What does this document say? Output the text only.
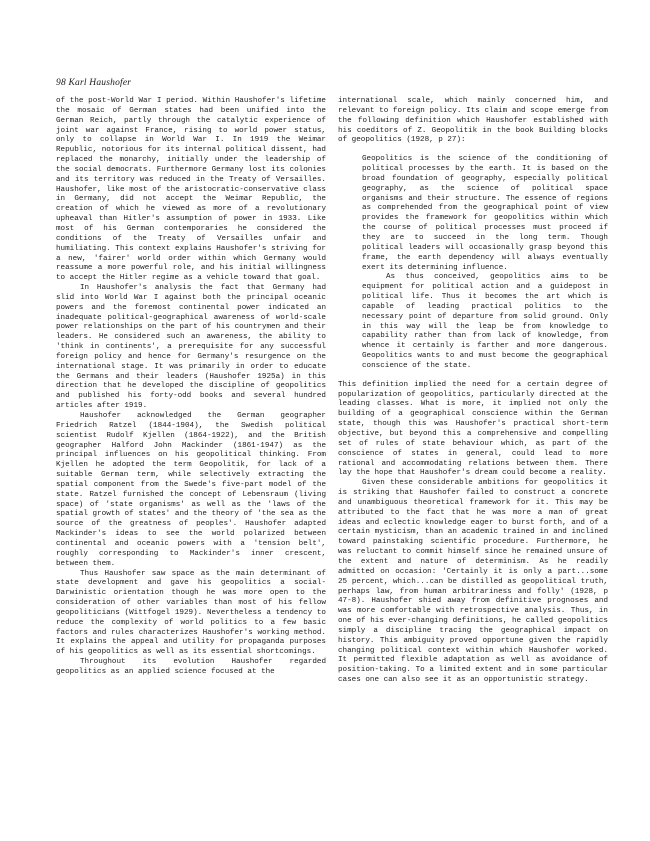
98 Karl Haushofer

of the post-World War I period. Within Haushofer's lifetime the mosaic of German states had been unified into the German Reich, partly through the catalytic experience of joint war against France, rising to world power status, only to collapse in World War I. In 1919 the Weimar Republic, notorious for its internal political dissent, had replaced the monarchy, initially under the leadership of the social democrats. Furthermore Germany lost its colonies and its territory was reduced in the Treaty of Versailles. Haushofer, like most of the aristocratic-conservative class in Germany, did not accept the Weimar Republic, the creation of which he viewed as more of a revolutionary upheaval than Hitler's assumption of power in 1933. Like most of his German contemporaries he considered the conditions of the Treaty of Versailles unfair and humiliating. This context explains Haushofer's striving for a new, 'fairer' world order within which Germany would reassume a more powerful role, and his initial willingness to accept the Hitler regime as a vehicle toward that goal.

In Haushofer's analysis the fact that Germany had slid into World War I against both the principal oceanic powers and the foremost continental power indicated an inadequate political-geographical awareness of world-scale power relationships on the part of his countrymen and their leaders. He considered such an awareness, the ability to 'think in continents', a prerequisite for any successful foreign policy and hence for Germany's resurgence on the international stage. It was primarily in order to educate the Germans and their leaders (Haushofer 1925a) in this direction that he developed the discipline of geopolitics and published his forty-odd books and several hundred articles after 1919.

Haushofer acknowledged the German geographer Friedrich Ratzel (1844-1904), the Swedish political scientist Rudolf Kjellen (1864-1922), and the British geographer Halford John Mackinder (1861-1947) as the principal influences on his geopolitical thinking. From Kjellen he adopted the term Geopolitik, for lack of a suitable German term, while selectively extracting the spatial component from the Swede's five-part model of the state. Ratzel furnished the concept of Lebensraum (living space) of 'state organisms' as well as the 'laws of the spatial growth of states' and the theory of 'the sea as the source of the greatness of peoples'. Haushofer adapted Mackinder's ideas to see the world polarized between continental and oceanic powers with a 'tension belt', roughly corresponding to Mackinder's inner crescent, between them.

Thus Haushofer saw space as the main determinant of state development and gave his geopolitics a social-Darwinistic orientation though he was more open to the consideration of other variables than most of his fellow geopoliticians (Wittfogel 1929). Nevertheless a tendency to reduce the complexity of world politics to a few basic factors and rules characterizes Haushofer's working method. It explains the appeal and utility for propaganda purposes of his geopolitics as well as its essential shortcomings.

Throughout its evolution Haushofer regarded geopolitics as an applied science focused at the

international scale, which mainly concerned him, and relevant to foreign policy. Its claim and scope emerge from the following definition which Haushofer established with his coeditors of Z. Geopolitik in the book Building blocks of geopolitics (1928, p 27):

Geopolitics is the science of the conditioning of political processes by the earth. It is based on the broad foundation of geography, especially political geography, as the science of political space organisms and their structure. The essence of regions as comprehended from the geographical point of view provides the framework for geopolitics within which the course of political processes must proceed if they are to succeed in the long term. Though political leaders will occasionally grasp beyond this frame, the earth dependency will always eventually exert its determining influence.

As thus conceived, geopolitics aims to be equipment for political action and a guidepost in political life. Thus it becomes the art which is capable of leading practical politics to the necessary point of departure from solid ground. Only in this way will the leap be from knowledge to capability rather than from lack of knowledge, from whence it certainly is farther and more dangerous. Geopolitics wants to and must become the geographical conscience of the state.

This definition implied the need for a certain degree of popularization of geopolitics, particularly directed at the leading classes. What is more, it implied not only the building of a geographical conscience within the German state, though this was Haushofer's practical short-term objective, but beyond this a comprehensive and compelling set of rules of state behaviour which, as part of the conscience of states in general, could lead to more rational and accommodating relations between them. There lay the hope that Haushofer's dream could become a reality.

Given these considerable ambitions for geopolitics it is striking that Haushofer failed to construct a concrete and unambiguous theoretical framework for it. This may be attributed to the fact that he was more a man of great ideas and eclectic knowledge eager to burst forth, and of a certain mysticism, than an academic trained in and inclined toward painstaking scientific procedure. Furthermore, he was reluctant to commit himself since he remained unsure of the extent and nature of determinism. As he readily admitted on occasion: 'Certainly it is only a part...some 25 percent, which...can be distilled as geopolitical truth, perhaps law, from human arbitrariness and folly' (1928, p 47-8). Haushofer shied away from definitive prognoses and was more comfortable with retrospective analysis. Thus, in one of his ever-changing definitions, he called geopolitics simply a discipline tracing the geographical impact on history. This ambiguity proved opportune given the rapidly changing political context within which Haushofer worked. It permitted flexible adaptation as well as avoidance of position-taking. To a limited extent and in some particular cases one can also see it as an opportunistic strategy.
